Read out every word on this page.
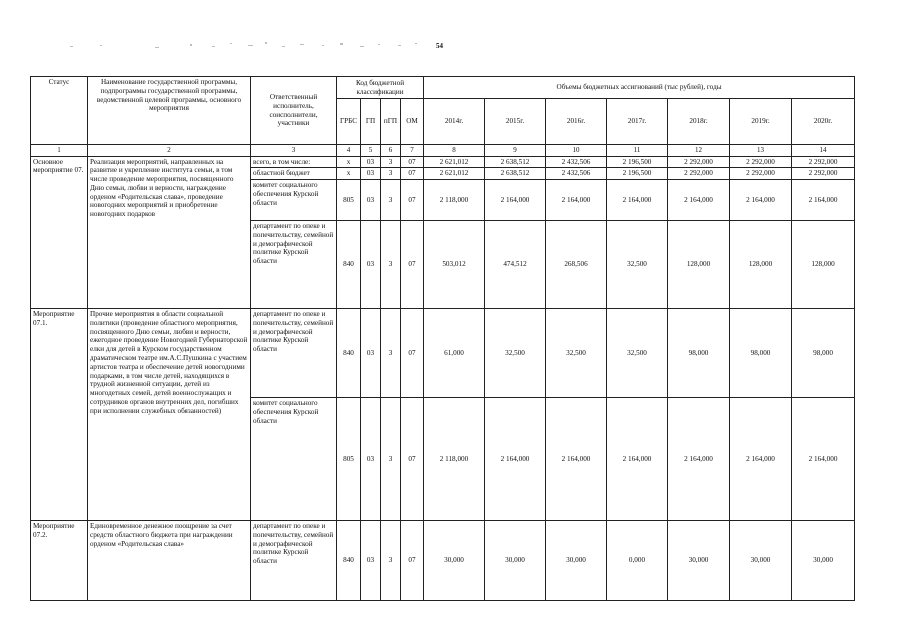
54
Статус	Наименование государственной программы, подпрограммы государственной программы, ведомственной целевой программы, основного мероприятия	Ответственный исполнитель, соисполнители, участники	Код бюджетной классификации				Объемы бюджетных ассигнований (тыс рублей), годы						
			ГРБС	ГП	пГП	ОМ	2014г.	2015г.	2016г.	2017г.	2018г.	2019г.	2020г.
1	2	3	4	5	6	7	8	9	10	11	12	13	14
Основное мероприятие 07.	Реализация мероприятий, направленных на развитие и укрепление института семьи, в том числе проведение мероприятия, посвященного Дню семьи, любви и верности, награждение орденом «Родительская слава», проведение новогодних мероприятий и приобретение новогодних подарков	всего, в том числе:	х	03	3	07	2 621,012	2 638,512	2 432,506	2 196,500	2 292,000	2 292,000	2 292,000
		областной бюджет	х	03	3	07	2 621,012	2 638,512	2 432,506	2 196,500	2 292,000	2 292,000	2 292,000
		комитет социального обеспечения Курской области	805	03	3	07	2 118,000	2 164,000	2 164,000	2 164,000	2 164,000	2 164,000	2 164,000
		департамент по опеке и попечительству, семейной и демографической политике Курской области	840	03	3	07	503,012	474,512	268,506	32,500	128,000	128,000	128,000
Мероприятие 07.1.	Прочие мероприятия в области социальной политики (проведение областного мероприятия, посвященного Дню семьи, любви и верности, ежегодное проведение Новогодней Губернаторской елки для детей в Курском государственном драматическом театре им.А.С.Пушкина с участием артистов театра и обеспечение детей новогодними подарками, в том числе детей, находящихся в трудной жизненной ситуации, детей из многодетных семей, детей военнослужащих и сотрудников органов внутренних дел, погибших при исполнении служебных обязанностей)	департамент по опеке и попечительству, семейной и демографической политике Курской области	840	03	3	07	61,000	32,500	32,500	32,500	98,000	98,000	98,000
		комитет социального обеспечения Курской области	805	03	3	07	2 118,000	2 164,000	2 164,000	2 164,000	2 164,000	2 164,000	2 164,000
Мероприятие 07.2.	Единовременное денежное поощрение за счет средств областного бюджета при награждении орденом «Родительская слава»	департамент по опеке и попечительству, семейной и демографической политике Курской области	840	03	3	07	30,000	30,000	30,000	0,000	30,000	30,000	30,000
